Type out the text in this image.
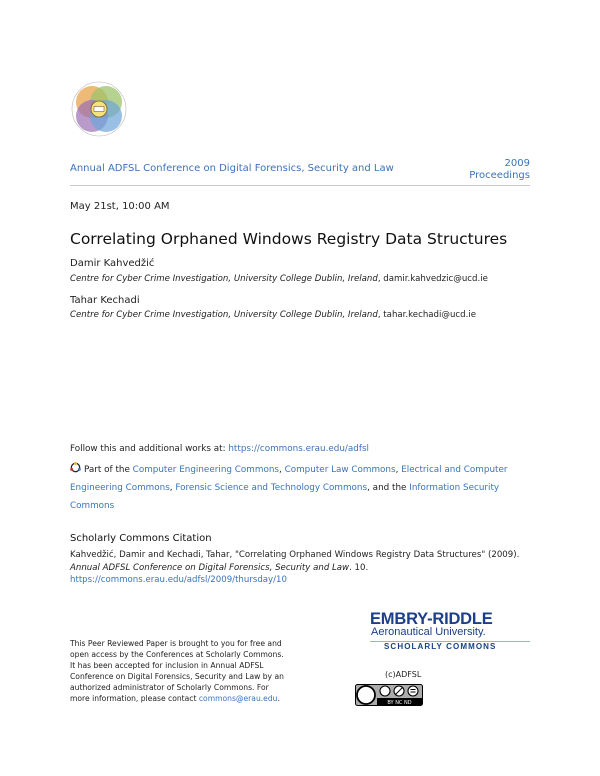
Annual ADFSL Conference on Digital Forensics, Security and Law	2009
Proceedings
May 21st, 10:00 AM
Correlating Orphaned Windows Registry Data Structures
Damir Kahvedžić
Centre for Cyber Crime Investigation, University College Dublin, Ireland, damir.kahvedzic@ucd.ie
Tahar Kechadi
Centre for Cyber Crime Investigation, University College Dublin, Ireland, tahar.kechadi@ucd.ie
Follow this and additional works at: https://commons.erau.edu/adfsl
Part of the Computer Engineering Commons, Computer Law Commons, Electrical and Computer Engineering Commons, Forensic Science and Technology Commons, and the Information Security Commons
Scholarly Commons Citation
Kahvedžić, Damir and Kechadi, Tahar, "Correlating Orphaned Windows Registry Data Structures" (2009).
Annual ADFSL Conference on Digital Forensics, Security and Law. 10.
https://commons.erau.edu/adfsl/2009/thursday/10
This Peer Reviewed Paper is brought to you for free and
open access by the Conferences at Scholarly Commons.
It has been accepted for inclusion in Annual ADFSL
Conference on Digital Forensics, Security and Law by an
authorized administrator of Scholarly Commons. For
more information, please contact commons@erau.edu.
EMBRY-RIDDLE
Aeronautical University.
SCHOLARLY COMMONS
(c)ADFSL
BY NC ND
